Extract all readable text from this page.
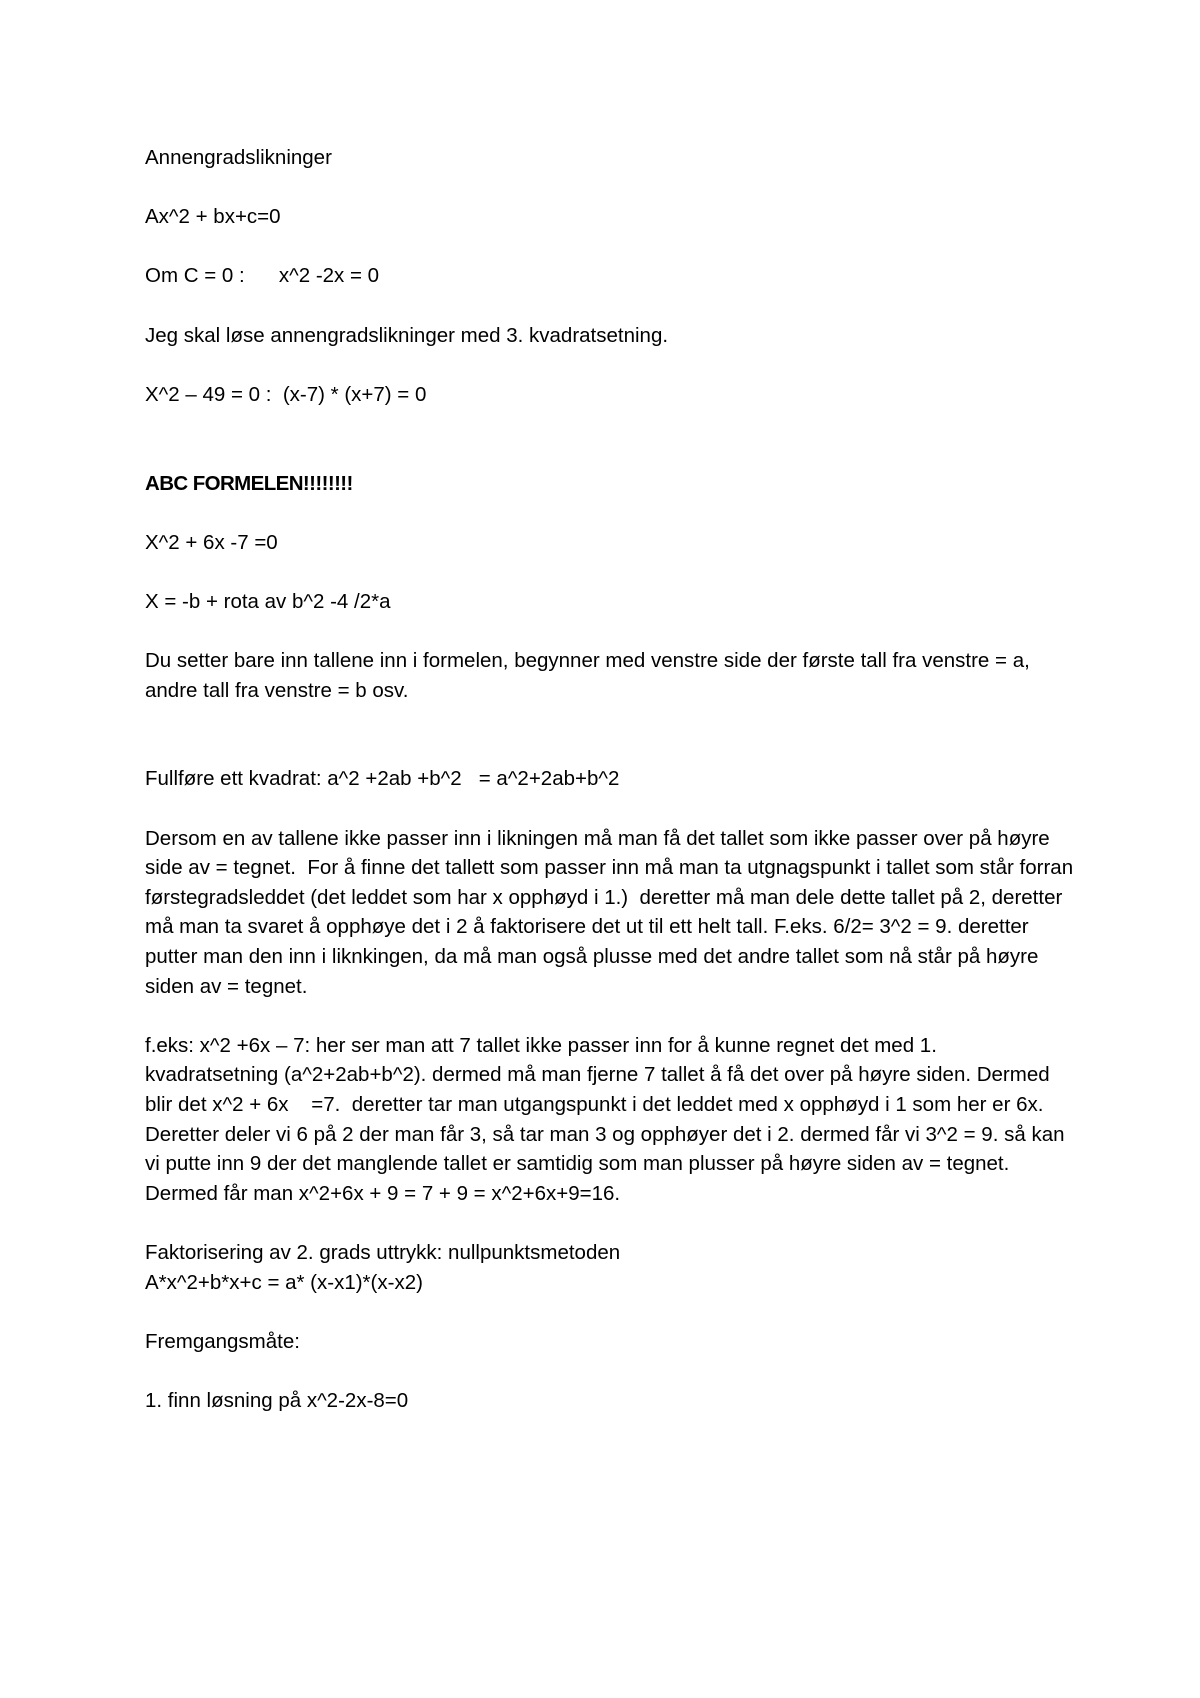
Annengradslikninger

Ax^2 + bx+c=0

Om C = 0 :      x^2 -2x = 0

Jeg skal løse annengradslikninger med 3. kvadratsetning.

X^2 – 49 = 0 :  (x-7) * (x+7) = 0

ABC FORMELEN!!!!!!!!

X^2 + 6x -7 =0

X = -b + rota av b^2 -4 /2*a

Du setter bare inn tallene inn i formelen, begynner med venstre side der første tall fra venstre = a, andre tall fra venstre = b osv.

Fullføre ett kvadrat: a^2 +2ab +b^2   = a^2+2ab+b^2

Dersom en av tallene ikke passer inn i likningen må man få det tallet som ikke passer over på høyre side av = tegnet.  For å finne det tallett som passer inn må man ta utgnagspunkt i tallet som står forran førstegradsleddet (det leddet som har x opphøyd i 1.)  deretter må man dele dette tallet på 2, deretter må man ta svaret å opphøye det i 2 å faktorisere det ut til ett helt tall. F.eks. 6/2= 3^2 = 9. deretter putter man den inn i liknkingen, da må man også plusse med det andre tallet som nå står på høyre siden av = tegnet.

f.eks: x^2 +6x – 7: her ser man att 7 tallet ikke passer inn for å kunne regnet det med 1. kvadratsetning (a^2+2ab+b^2). dermed må man fjerne 7 tallet å få det over på høyre siden. Dermed blir det x^2 + 6x    =7.  deretter tar man utgangspunkt i det leddet med x opphøyd i 1 som her er 6x. Deretter deler vi 6 på 2 der man får 3, så tar man 3 og opphøyer det i 2. dermed får vi 3^2 = 9. så kan vi putte inn 9 der det manglende tallet er samtidig som man plusser på høyre siden av = tegnet. Dermed får man x^2+6x + 9 = 7 + 9 = x^2+6x+9=16.

Faktorisering av 2. grads uttrykk: nullpunktsmetoden

A*x^2+b*x+c = a* (x-x1)*(x-x2)

Fremgangsmåte:

1. finn løsning på x^2-2x-8=0
